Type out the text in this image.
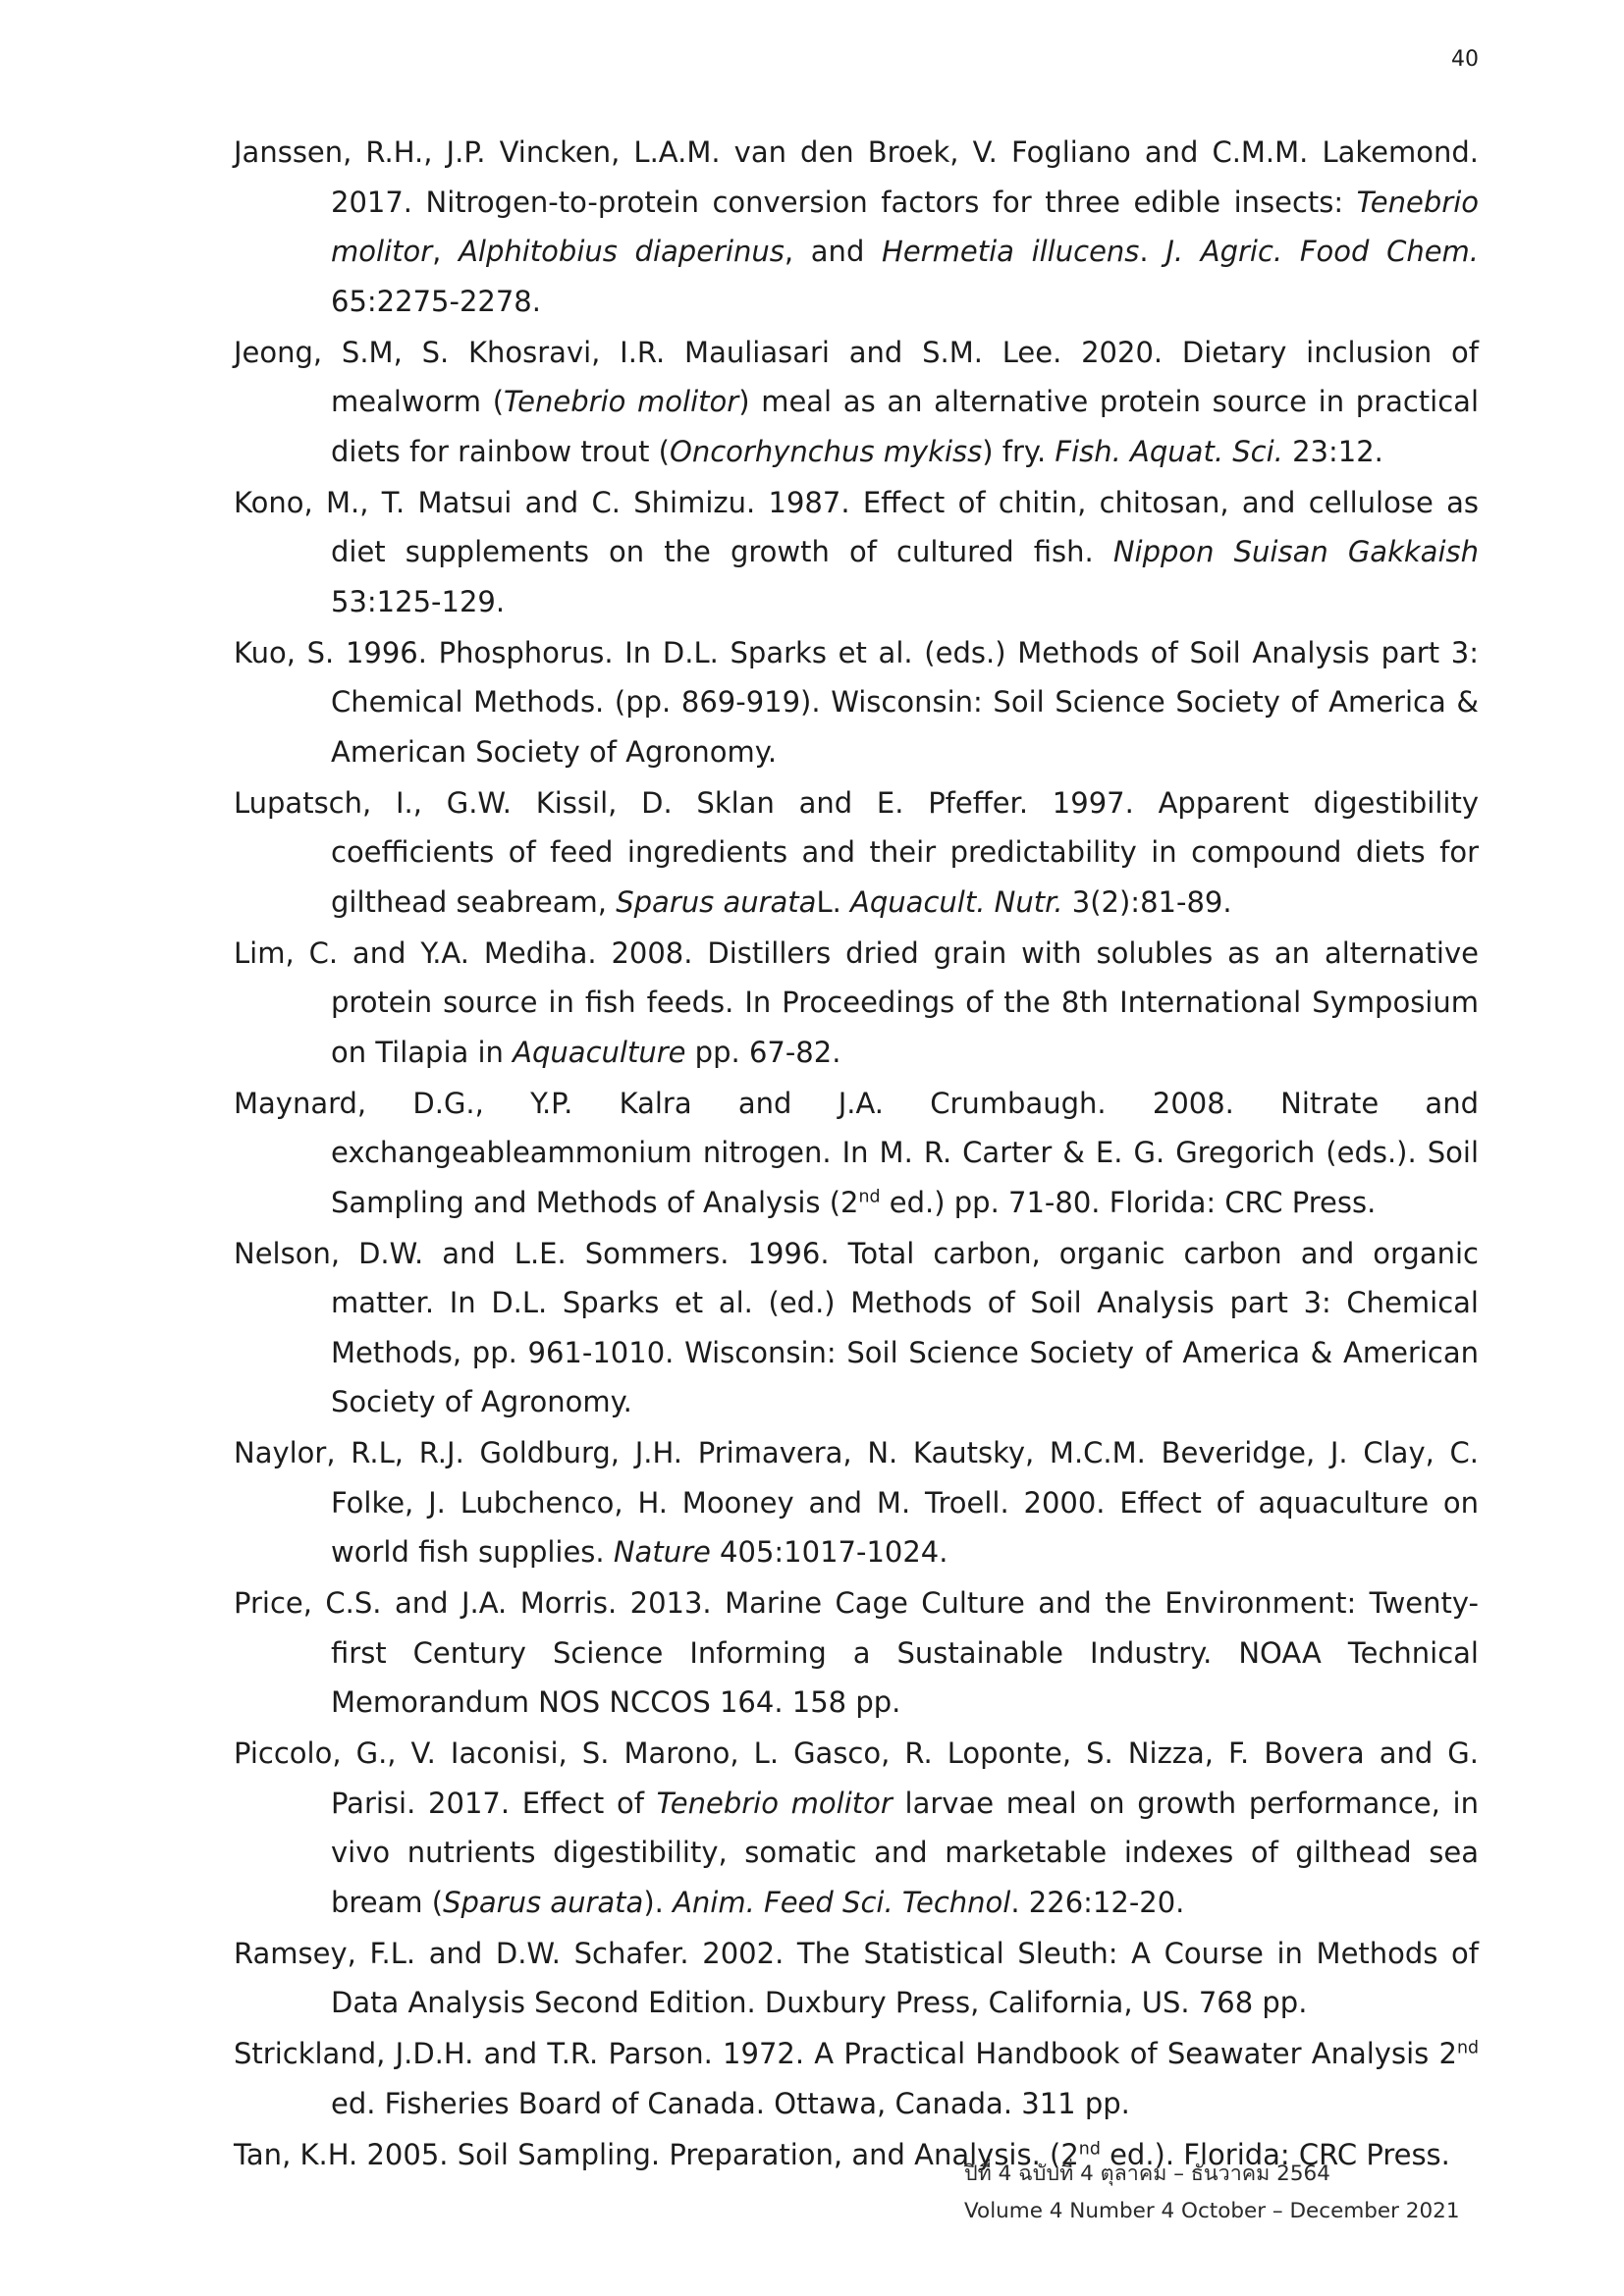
40

Janssen, R.H., J.P. Vincken, L.A.M. van den Broek, V. Fogliano and C.M.M. Lakemond. 2017. Nitrogen-to-protein conversion factors for three edible insects: Tenebrio molitor, Alphitobius diaperinus, and Hermetia illucens. J. Agric. Food Chem. 65:2275-2278.

Jeong, S.M, S. Khosravi, I.R. Mauliasari and S.M. Lee. 2020. Dietary inclusion of mealworm (Tenebrio molitor) meal as an alternative protein source in practical diets for rainbow trout (Oncorhynchus mykiss) fry. Fish. Aquat. Sci. 23:12.

Kono, M., T. Matsui and C. Shimizu. 1987. Effect of chitin, chitosan, and cellulose as diet supplements on the growth of cultured fish. Nippon Suisan Gakkaish 53:125-129.

Kuo, S. 1996. Phosphorus. In D.L. Sparks et al. (eds.) Methods of Soil Analysis part 3: Chemical Methods. (pp. 869-919). Wisconsin: Soil Science Society of America & American Society of Agronomy.

Lupatsch, I., G.W. Kissil, D. Sklan and E. Pfeffer. 1997. Apparent digestibility coefficients of feed ingredients and their predictability in compound diets for gilthead seabream, Sparus aurataL. Aquacult. Nutr. 3(2):81-89.

Lim, C. and Y.A. Mediha. 2008. Distillers dried grain with solubles as an alternative protein source in fish feeds. In Proceedings of the 8th International Symposium on Tilapia in Aquaculture pp. 67-82.

Maynard, D.G., Y.P. Kalra and J.A. Crumbaugh. 2008. Nitrate and exchangeableammonium nitrogen. In M. R. Carter & E. G. Gregorich (eds.). Soil Sampling and Methods of Analysis (2nd ed.) pp. 71-80. Florida: CRC Press.

Nelson, D.W. and L.E. Sommers. 1996. Total carbon, organic carbon and organic matter. In D.L. Sparks et al. (ed.) Methods of Soil Analysis part 3: Chemical Methods, pp. 961-1010. Wisconsin: Soil Science Society of America & American Society of Agronomy.

Naylor, R.L, R.J. Goldburg, J.H. Primavera, N. Kautsky, M.C.M. Beveridge, J. Clay, C. Folke, J. Lubchenco, H. Mooney and M. Troell. 2000. Effect of aquaculture on world fish supplies. Nature 405:1017-1024.

Price, C.S. and J.A. Morris. 2013. Marine Cage Culture and the Environment: Twenty-first Century Science Informing a Sustainable Industry. NOAA Technical Memorandum NOS NCCOS 164. 158 pp.

Piccolo, G., V. Iaconisi, S. Marono, L. Gasco, R. Loponte, S. Nizza, F. Bovera and G. Parisi. 2017. Effect of Tenebrio molitor larvae meal on growth performance, in vivo nutrients digestibility, somatic and marketable indexes of gilthead sea bream (Sparus aurata). Anim. Feed Sci. Technol. 226:12-20.

Ramsey, F.L. and D.W. Schafer. 2002. The Statistical Sleuth: A Course in Methods of Data Analysis Second Edition. Duxbury Press, California, US. 768 pp.

Strickland, J.D.H. and T.R. Parson. 1972. A Practical Handbook of Seawater Analysis 2nd ed. Fisheries Board of Canada. Ottawa, Canada. 311 pp.

Tan, K.H. 2005. Soil Sampling. Preparation, and Analysis. (2nd ed.). Florida: CRC Press.

ปีที่ 4 ฉบับที่ 4 ตุลาคม – ธันวาคม 2564
Volume 4 Number 4 October – December 2021
